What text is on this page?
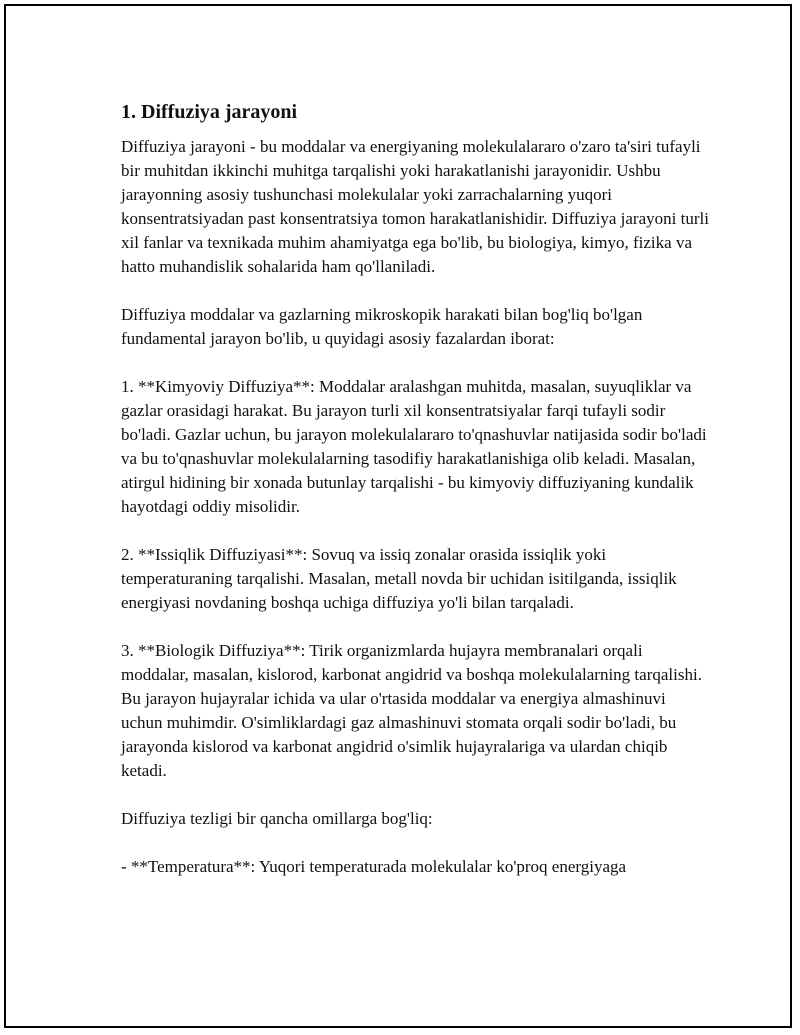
1. Diffuziya jarayoni

Diffuziya jarayoni - bu moddalar va energiyaning molekulalararo o'zaro ta'siri tufayli bir muhitdan ikkinchi muhitga tarqalishi yoki harakatlanishi jarayonidir. Ushbu jarayonning asosiy tushunchasi molekulalar yoki zarrachalarning yuqori konsentratsiyadan past konsentratsiya tomon harakatlanishidir. Diffuziya jarayoni turli xil fanlar va texnikada muhim ahamiyatga ega bo'lib, bu biologiya, kimyo, fizika va hatto muhandislik sohalarida ham qo'llaniladi.

Diffuziya moddalar va gazlarning mikroskopik harakati bilan bog'liq bo'lgan fundamental jarayon bo'lib, u quyidagi asosiy fazalardan iborat:

1. **Kimyoviy Diffuziya**: Moddalar aralashgan muhitda, masalan, suyuqliklar va gazlar orasidagi harakat. Bu jarayon turli xil konsentratsiyalar farqi tufayli sodir bo'ladi. Gazlar uchun, bu jarayon molekulalararo to'qnashuvlar natijasida sodir bo'ladi va bu to'qnashuvlar molekulalarning tasodifiy harakatlanishiga olib keladi. Masalan, atirgul hidining bir xonada butunlay tarqalishi - bu kimyoviy diffuziyaning kundalik hayotdagi oddiy misolidir.

2. **Issiqlik Diffuziyasi**: Sovuq va issiq zonalar orasida issiqlik yoki temperaturaning tarqalishi. Masalan, metall novda bir uchidan isitilganda, issiqlik energiyasi novdaning boshqa uchiga diffuziya yo'li bilan tarqaladi.

3. **Biologik Diffuziya**: Tirik organizmlarda hujayra membranalari orqali moddalar, masalan, kislorod, karbonat angidrid va boshqa molekulalarning tarqalishi. Bu jarayon hujayralar ichida va ular o'rtasida moddalar va energiya almashinuvi uchun muhimdir. O'simliklardagi gaz almashinuvi stomata orqali sodir bo'ladi, bu jarayonda kislorod va karbonat angidrid o'simlik hujayralariga va ulardan chiqib ketadi.

Diffuziya tezligi bir qancha omillarga bog'liq:

- **Temperatura**: Yuqori temperaturada molekulalar ko'proq energiyaga
